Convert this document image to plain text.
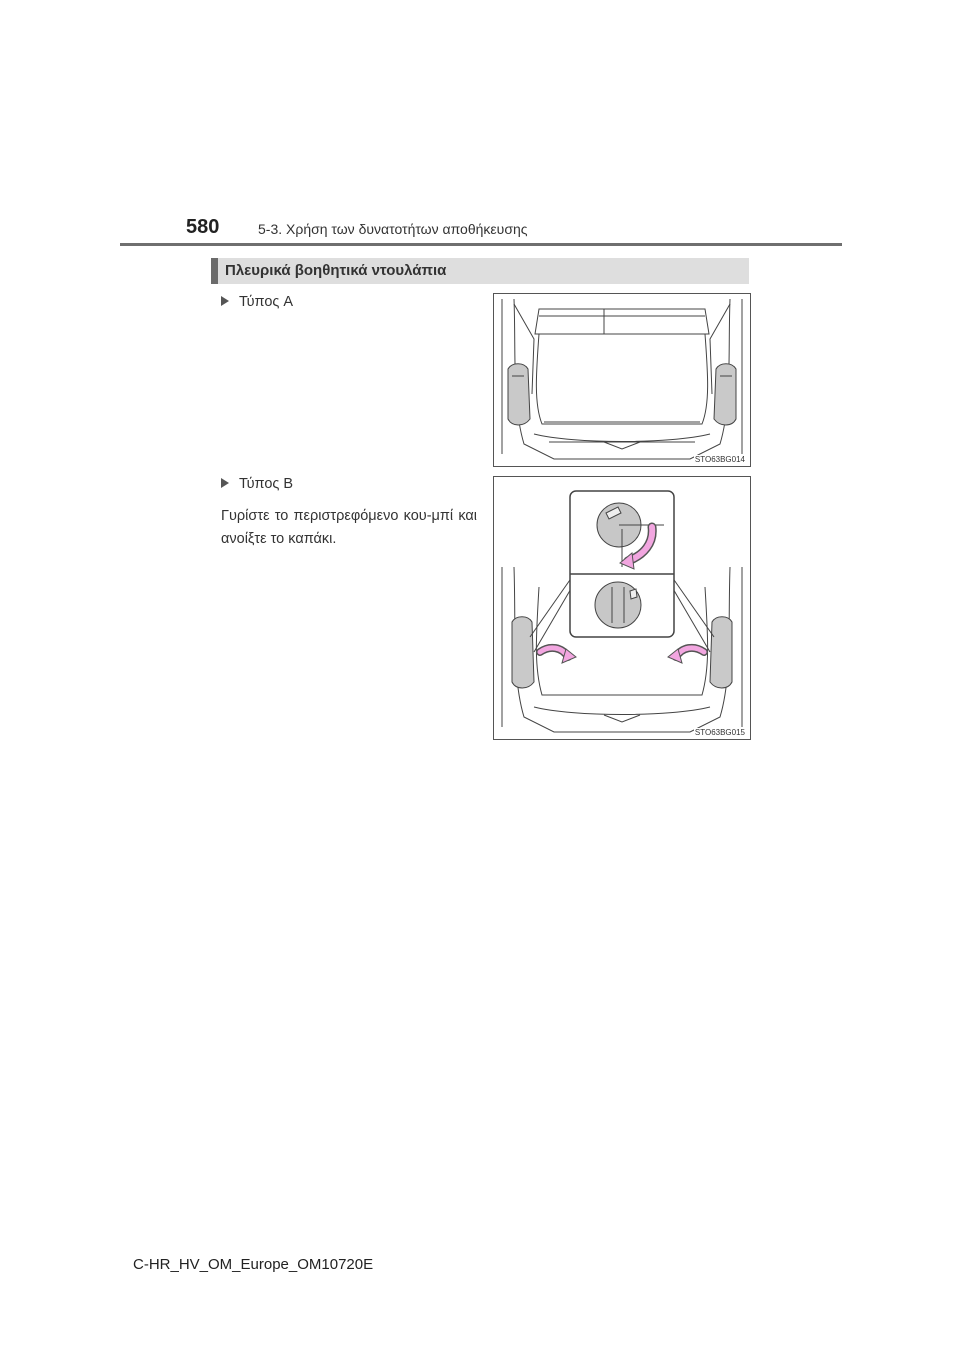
580	5-3. Χρήση των δυνατοτήτων αποθήκευσης
Πλευρικά βοηθητικά ντουλάπια
Τύπος A
STO63BG014
Τύπος B
Γυρίστε το περιστρεφόμενο κου-μπί και ανοίξτε το καπάκι.
STO63BG015
C-HR_HV_OM_Europe_OM10720E
